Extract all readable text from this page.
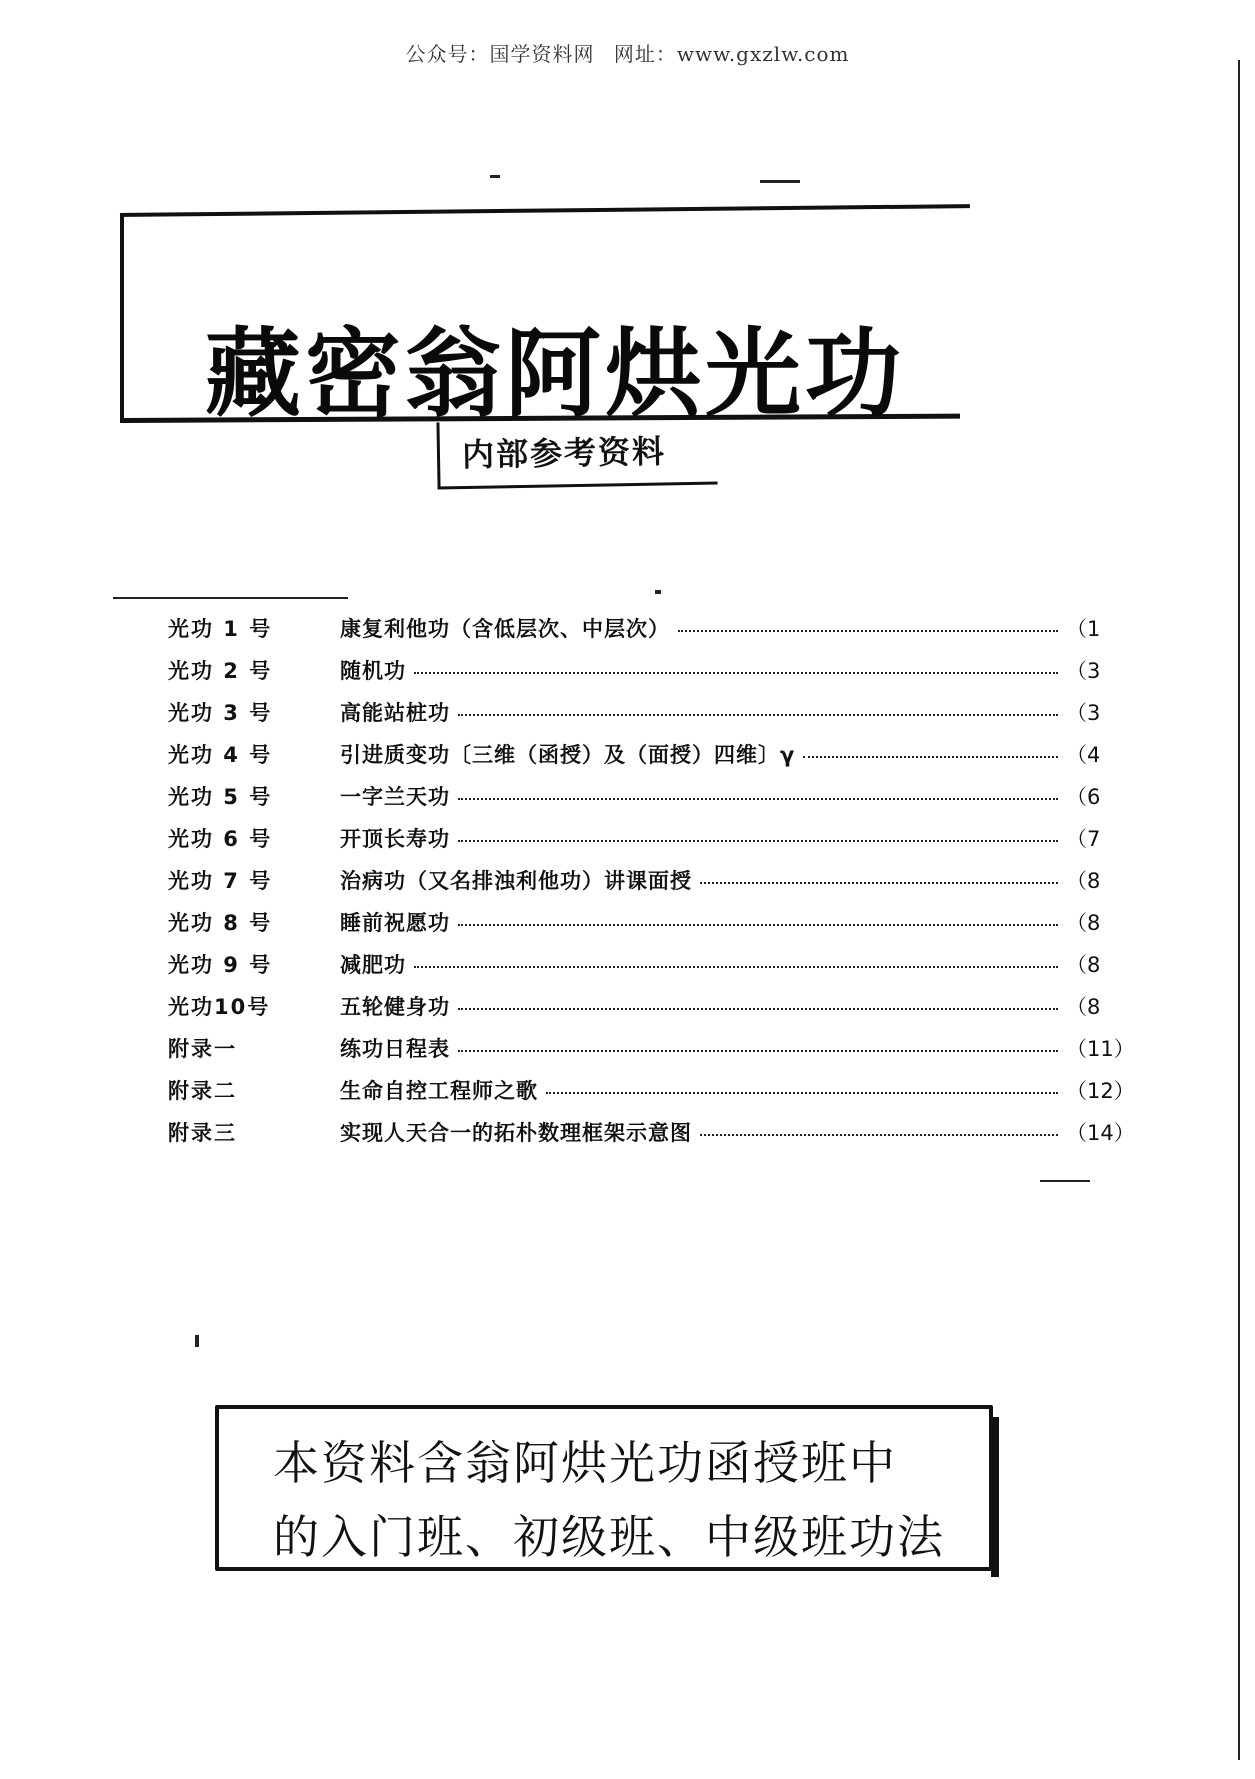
公众号：国学资料网 网址：www.gxzlw.com
藏密翁阿烘光功
内部参考资料
光功 1 号	康复利他功（含低层次、中层次）	（1
光功 2 号	随机功	（3
光功 3 号	高能站桩功	（3
光功 4 号	引进质变功〔三维（函授）及（面授）四维〕γ	（4
光功 5 号	一字兰天功	（6
光功 6 号	开顶长寿功	（7
光功 7 号	治病功（又名排浊利他功）讲课面授	（8
光功 8 号	睡前祝愿功	（8
光功 9 号	减肥功	（8
光功10号	五轮健身功	（8
附录一	练功日程表	（11）
附录二	生命自控工程师之歌	（12）
附录三	实现人天合一的拓朴数理框架示意图	（14）
本资料含翁阿烘光功函授班中
的入门班、初级班、中级班功法
